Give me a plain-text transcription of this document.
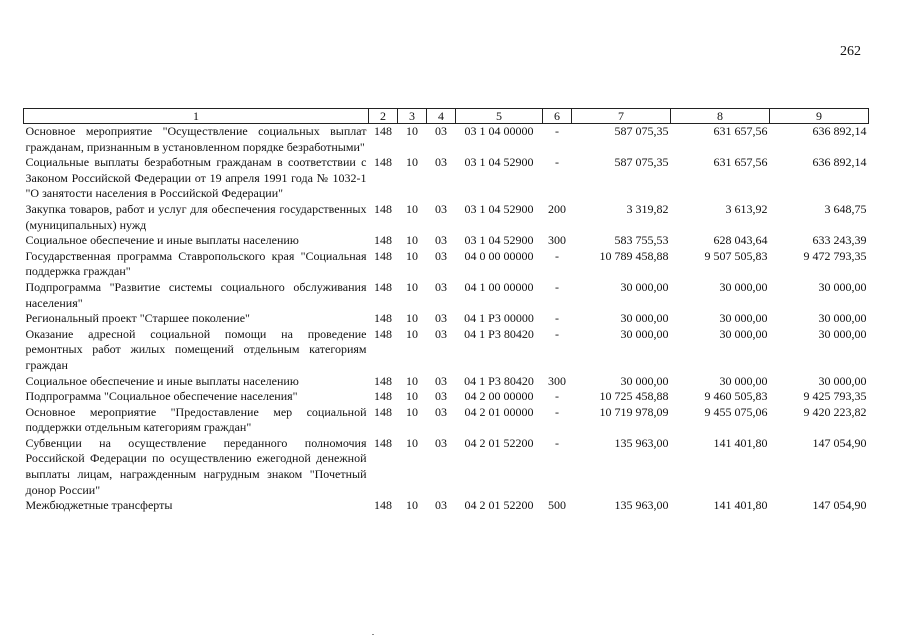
262
1	2	3	4	5	6	7	8	9
Основное мероприятие "Осуществление социальных выплат гражданам, признанным в установленном порядке безработными"	148	10	03	03 1 04 00000	-	587 075,35	631 657,56	636 892,14
Социальные выплаты безработным гражданам в соответствии с Законом Российской Федерации от 19 апреля 1991 года № 1032-1 "О занятости населения в Российской Федерации"	148	10	03	03 1 04 52900	-	587 075,35	631 657,56	636 892,14
Закупка товаров, работ и услуг для обеспечения государственных (муниципальных) нужд	148	10	03	03 1 04 52900	200	3 319,82	3 613,92	3 648,75
Социальное обеспечение и иные выплаты населению	148	10	03	03 1 04 52900	300	583 755,53	628 043,64	633 243,39
Государственная программа Ставропольского края "Социальная поддержка граждан"	148	10	03	04 0 00 00000	-	10 789 458,88	9 507 505,83	9 472 793,35
Подпрограмма "Развитие системы социального обслуживания населения"	148	10	03	04 1 00 00000	-	30 000,00	30 000,00	30 000,00
Региональный проект "Старшее поколение"	148	10	03	04 1 P3 00000	-	30 000,00	30 000,00	30 000,00
Оказание адресной социальной помощи на проведение ремонтных работ жилых помещений отдельным категориям граждан	148	10	03	04 1 P3 80420	-	30 000,00	30 000,00	30 000,00
Социальное обеспечение и иные выплаты населению	148	10	03	04 1 P3 80420	300	30 000,00	30 000,00	30 000,00
Подпрограмма "Социальное обеспечение населения"	148	10	03	04 2 00 00000	-	10 725 458,88	9 460 505,83	9 425 793,35
Основное мероприятие "Предоставление мер социальной поддержки отдельным категориям граждан"	148	10	03	04 2 01 00000	-	10 719 978,09	9 455 075,06	9 420 223,82
Субвенции на осуществление переданного полномочия Российской Федерации по осуществлению ежегодной денежной выплаты лицам, награжденным нагрудным знаком "Почетный донор России"	148	10	03	04 2 01 52200	-	135 963,00	141 401,80	147 054,90
Межбюджетные трансферты	148	10	03	04 2 01 52200	500	135 963,00	141 401,80	147 054,90
